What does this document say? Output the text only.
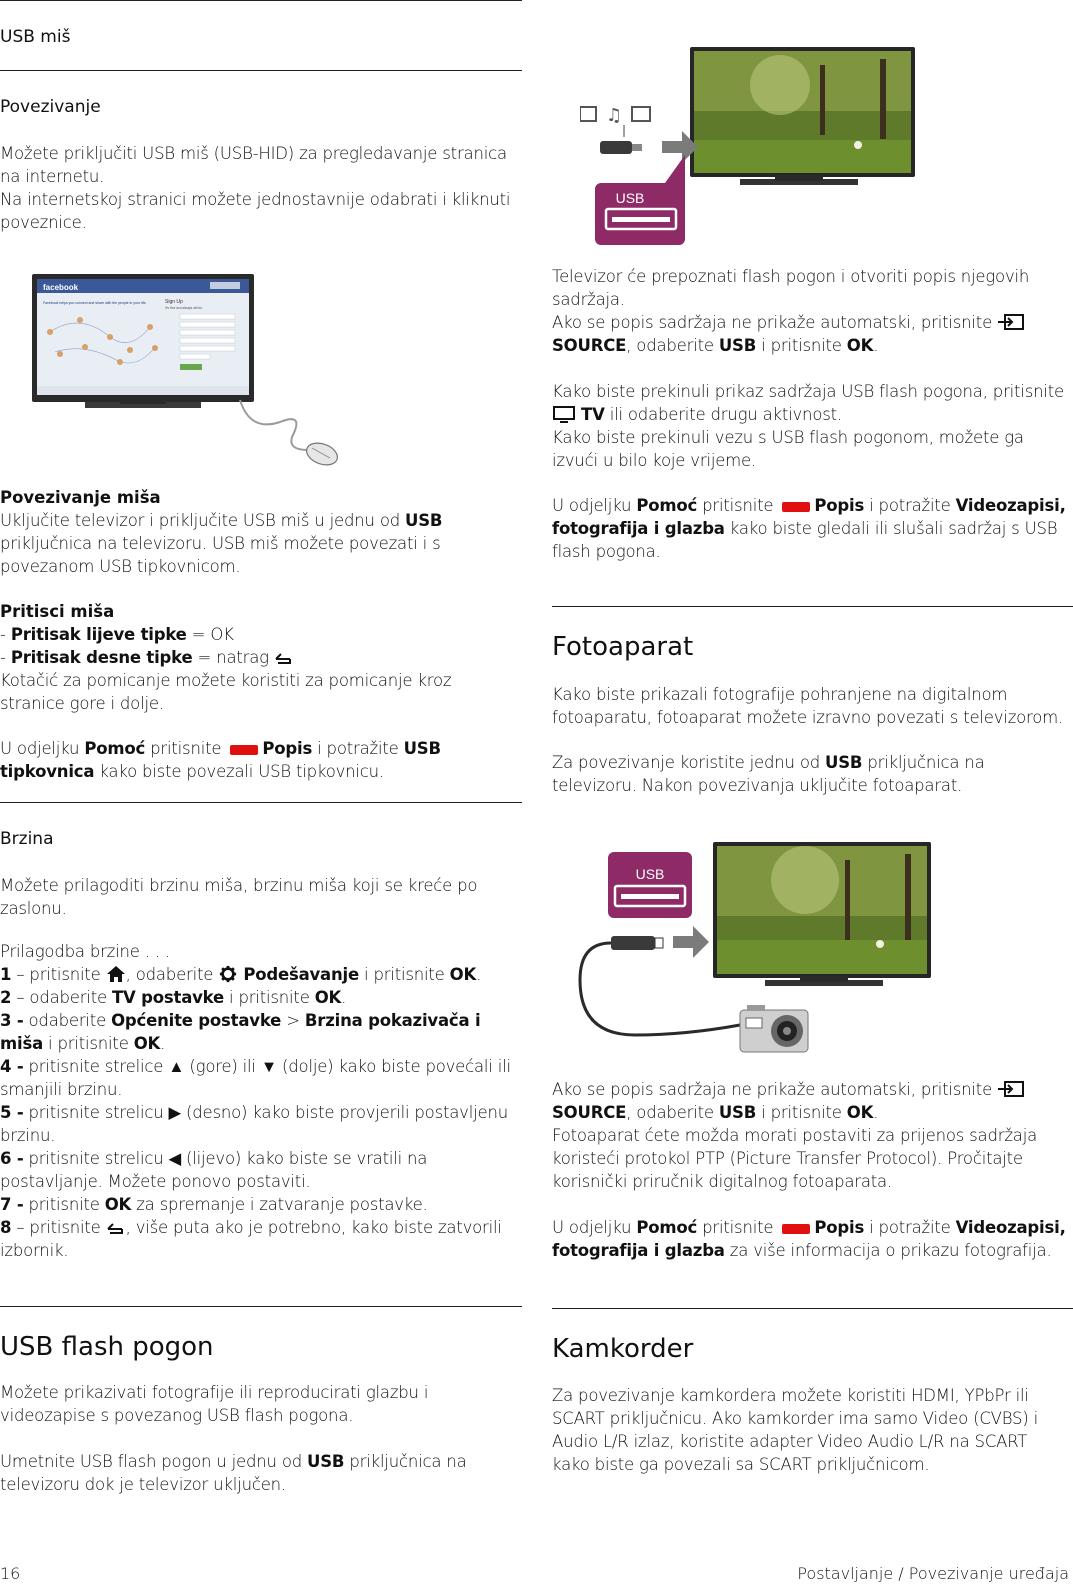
USB miš
Povezivanje
Možete priključiti USB miš (USB-HID) za pregledavanje stranica na internetu.
Na internetskoj stranici možete jednostavnije odabrati i kliknuti poveznice.
facebook
Facebook helps you connect and share with the people in your life.	Sign Up
It's free and always will be.
Povezivanje miša
Uključite televizor i priključite USB miš u jednu od USB priključnica na televizoru. USB miš možete povezati i s povezanom USB tipkovnicom.
Pritisci miša
- Pritisak lijeve tipke = OK
- Pritisak desne tipke = natrag
Kotačić za pomicanje možete koristiti za pomicanje kroz stranice gore i dolje.
U odjeljku Pomoć pritisnite Popis i potražite USB tipkovnica kako biste povezali USB tipkovnicu.
Brzina
Možete prilagoditi brzinu miša, brzinu miša koji se kreće po zaslonu.
Prilagodba brzine . . .
1 – pritisnite , odaberite  Podešavanje i pritisnite OK.
2 – odaberite TV postavke i pritisnite OK.
3 - odaberite Općenite postavke > Brzina pokazivača i miša i pritisnite OK.
4 - pritisnite strelice ▲ (gore) ili ▼ (dolje) kako biste povećali ili smanjili brzinu.
5 - pritisnite strelicu ▶ (desno) kako biste provjerili postavljenu brzinu.
6 - pritisnite strelicu ◀ (lijevo) kako biste se vratili na postavljanje. Možete ponovo postaviti.
7 - pritisnite OK za spremanje i zatvaranje postavke.
8 – pritisnite , više puta ako je potrebno, kako biste zatvorili izbornik.
USB flash pogon
Možete prikazivati fotografije ili reproducirati glazbu i videozapise s povezanog USB flash pogona.
Umetnite USB flash pogon u jednu od USB priključnica na televizoru dok je televizor uključen.
♫
USB
Televizor će prepoznati flash pogon i otvoriti popis njegovih sadržaja.
Ako se popis sadržaja ne prikaže automatski, pritisnite
SOURCE, odaberite USB i pritisnite OK.
Kako biste prekinuli prikaz sadržaja USB flash pogona, pritisnite
TV ili odaberite drugu aktivnost.
Kako biste prekinuli vezu s USB flash pogonom, možete ga izvući u bilo koje vrijeme.
U odjeljku Pomoć pritisnite Popis i potražite Videozapisi, fotografija i glazba kako biste gledali ili slušali sadržaj s USB flash pogona.
Fotoaparat
Kako biste prikazali fotografije pohranjene na digitalnom fotoaparatu, fotoaparat možete izravno povezati s televizorom.
Za povezivanje koristite jednu od USB priključnica na televizoru. Nakon povezivanja uključite fotoaparat.
USB
Ako se popis sadržaja ne prikaže automatski, pritisnite
SOURCE, odaberite USB i pritisnite OK.
Fotoaparat ćete možda morati postaviti za prijenos sadržaja koristeći protokol PTP (Picture Transfer Protocol). Pročitajte korisnički priručnik digitalnog fotoaparata.
U odjeljku Pomoć pritisnite Popis i potražite Videozapisi, fotografija i glazba za više informacija o prikazu fotografija.
Kamkorder
Za povezivanje kamkordera možete koristiti HDMI, YPbPr ili SCART priključnicu. Ako kamkorder ima samo Video (CVBS) i Audio L/R izlaz, koristite adapter Video Audio L/R na SCART kako biste ga povezali sa SCART priključnicom.
16	Postavljanje / Povezivanje uređaja
